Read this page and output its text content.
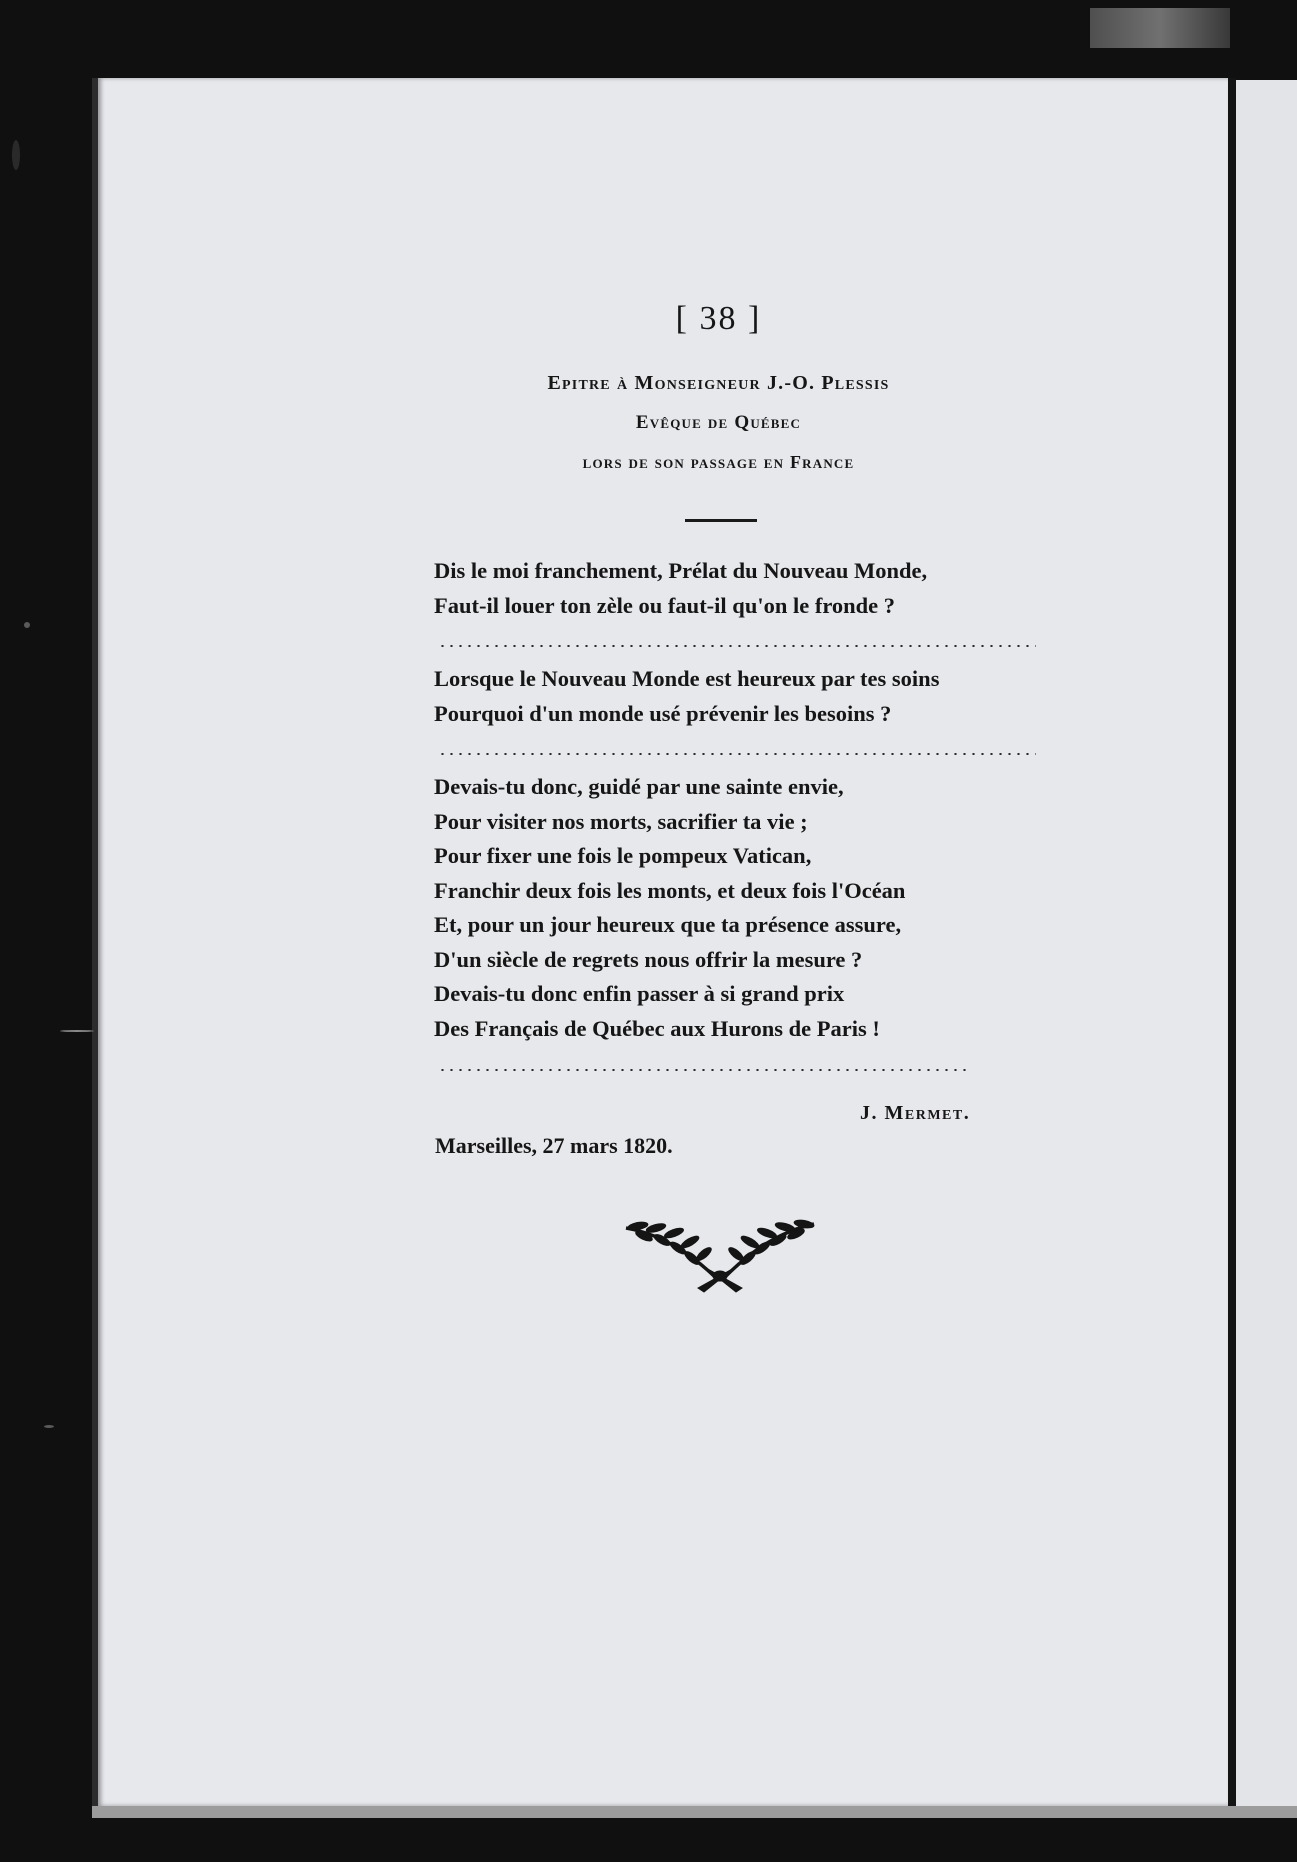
[ 38 ]
Epitre à Monseigneur J.-O. Plessis
Evêque de Québec
lors de son passage en France
Dis le moi franchement, Prélat du Nouveau Monde,
Faut-il louer ton zèle ou faut-il qu'on le fronde ?
Lorsque le Nouveau Monde est heureux par tes soins
Pourquoi d'un monde usé prévenir les besoins ?
Devais-tu donc, guidé par une sainte envie,
Pour visiter nos morts, sacrifier ta vie ;
Pour fixer une fois le pompeux Vatican,
Franchir deux fois les monts, et deux fois l'Océan
Et, pour un jour heureux que ta présence assure,
D'un siècle de regrets nous offrir la mesure ?
Devais-tu donc enfin passer à si grand prix
Des Français de Québec aux Hurons de Paris !
J. Mermet.
Marseilles, 27 mars 1820.
